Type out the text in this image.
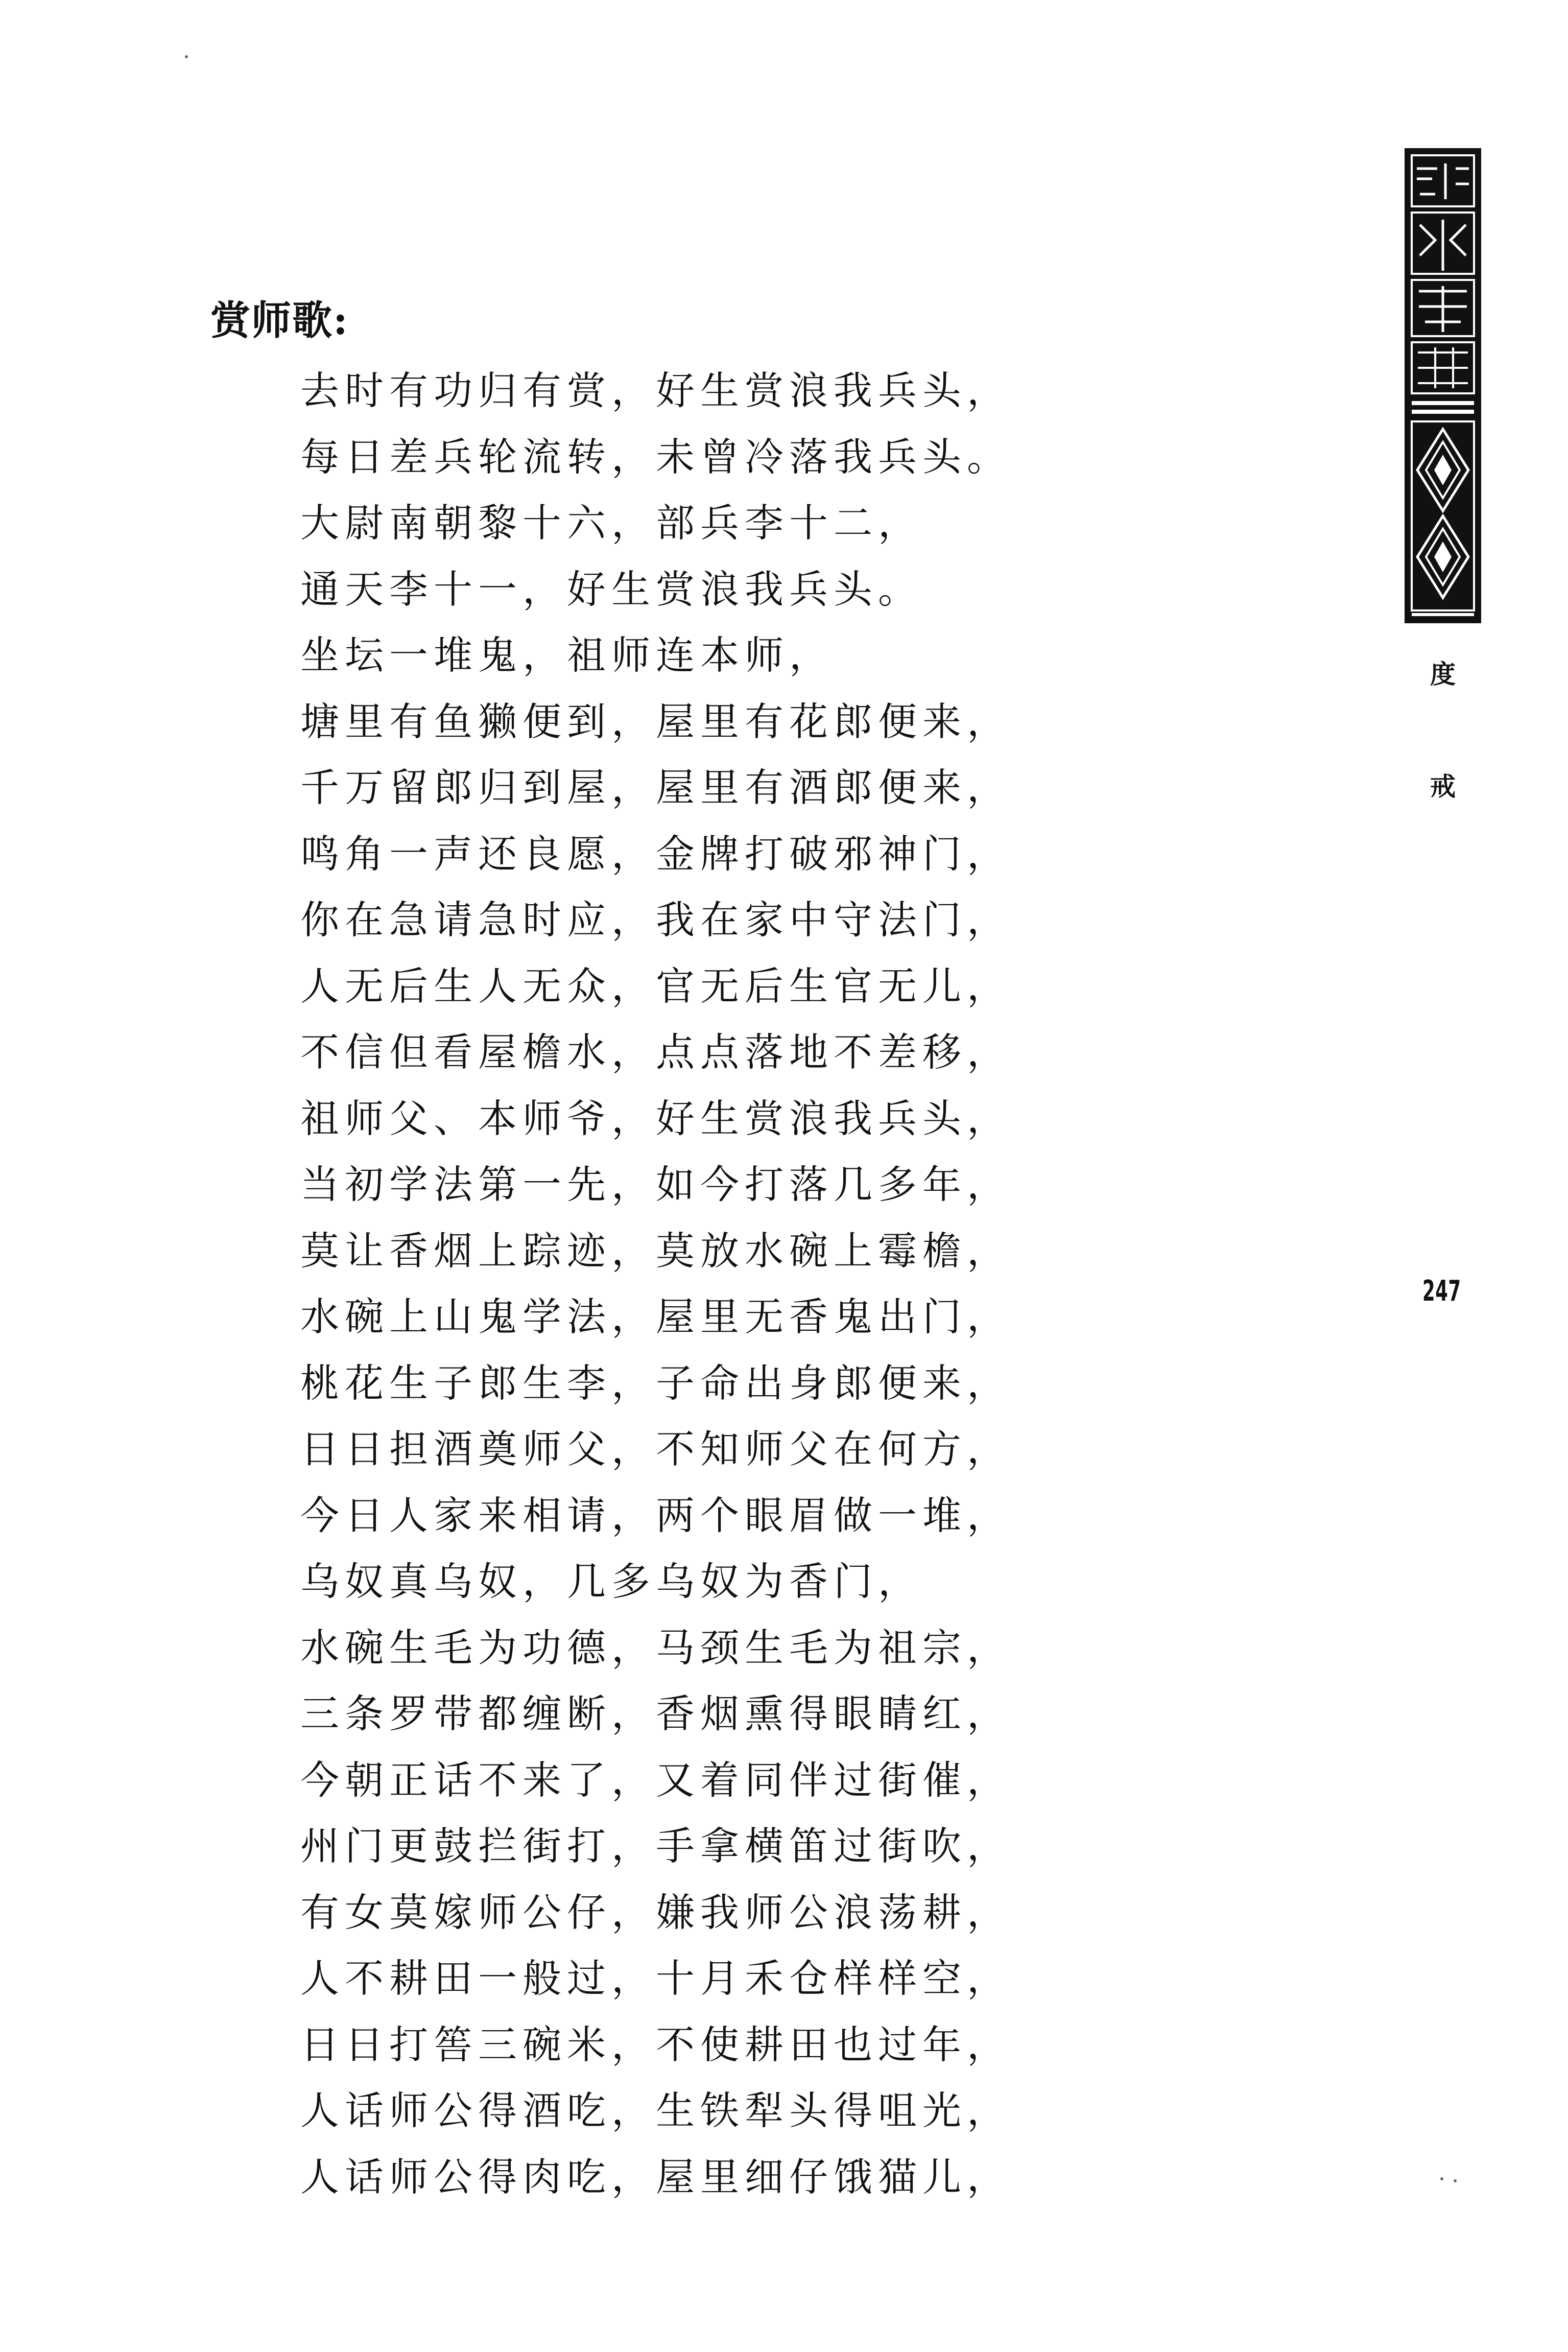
赏师歌:
去时有功归有赏，好生赏浪我兵头，
每日差兵轮流转，未曾冷落我兵头。
大尉南朝黎十六，部兵李十二，
通天李十一，好生赏浪我兵头。
坐坛一堆鬼，祖师连本师，
塘里有鱼獭便到，屋里有花郎便来，
千万留郎归到屋，屋里有酒郎便来，
鸣角一声还良愿，金牌打破邪神门，
你在急请急时应，我在家中守法门，
人无后生人无众，官无后生官无儿，
不信但看屋檐水，点点落地不差移，
祖师父、本师爷，好生赏浪我兵头，
当初学法第一先，如今打落几多年，
莫让香烟上踪迹，莫放水碗上霉檐，
水碗上山鬼学法，屋里无香鬼出门，
桃花生子郎生李，子命出身郎便来，
日日担酒奠师父，不知师父在何方，
今日人家来相请，两个眼眉做一堆，
乌奴真乌奴，几多乌奴为香门，
水碗生毛为功德，马颈生毛为祖宗，
三条罗带都缠断，香烟熏得眼睛红，
今朝正话不来了，又着同伴过街催，
州门更鼓拦街打，手拿横笛过街吹，
有女莫嫁师公仔，嫌我师公浪荡耕，
人不耕田一般过，十月禾仓样样空，
日日打筶三碗米，不使耕田也过年，
人话师公得酒吃，生铁犁头得咀光，
人话师公得肉吃，屋里细仔饿猫儿，
度
戒
247
